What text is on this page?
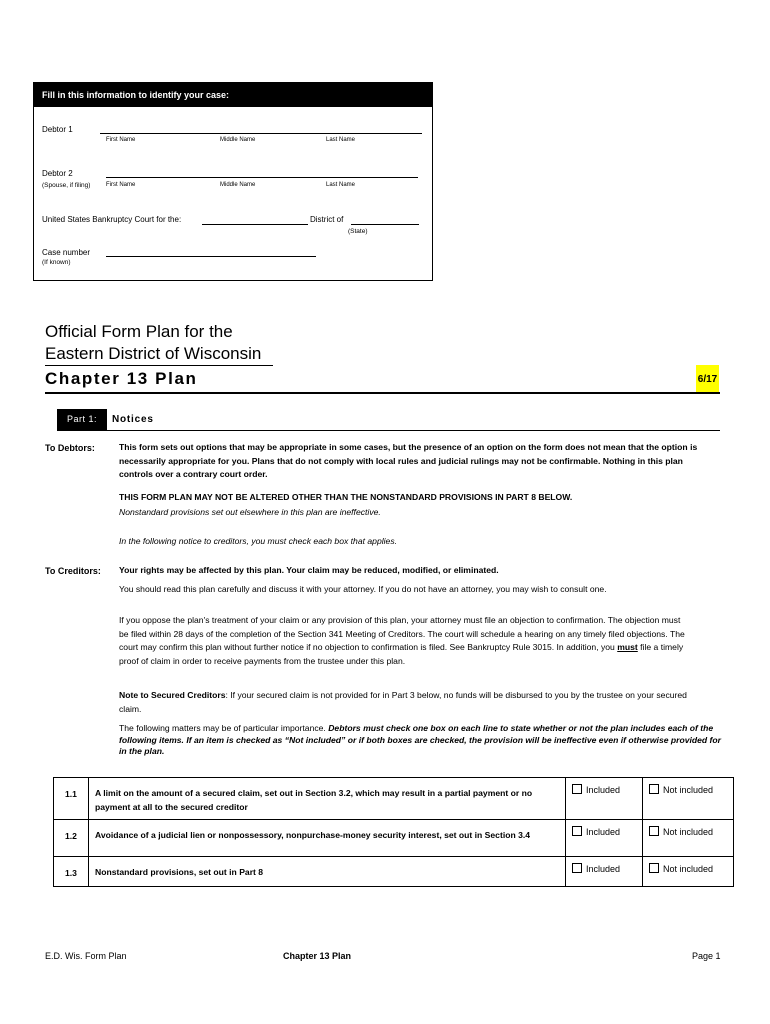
Fill in this information to identify your case:
Debtor 1
First Name	Middle Name	Last Name
Debtor 2
(Spouse, if filing)	First Name	Middle Name	Last Name
United States Bankruptcy Court for the:	District of
(State)
Case number
(If known)
Official Form Plan for the
Eastern District of Wisconsin
Chapter 13 Plan	6/17
Part 1:	Notices
To Debtors:	This form sets out options that may be appropriate in some cases, but the presence of an option on the form does not mean that the option is necessarily appropriate for you. Plans that do not comply with local rules and judicial rulings may not be confirmable. Nothing in this plan controls over a contrary court order.
THIS FORM PLAN MAY NOT BE ALTERED OTHER THAN THE NONSTANDARD PROVISIONS IN PART 8 BELOW.
Nonstandard provisions set out elsewhere in this plan are ineffective.
In the following notice to creditors, you must check each box that applies.
To Creditors: Your rights may be affected by this plan. Your claim may be reduced, modified, or eliminated.
You should read this plan carefully and discuss it with your attorney. If you do not have an attorney, you may wish to consult one.
If you oppose the plan's treatment of your claim or any provision of this plan, your attorney must file an objection to confirmation. The objection must be filed within 28 days of the completion of the Section 341 Meeting of Creditors. The court will schedule a hearing on any timely filed objections. The court may confirm this plan without further notice if no objection to confirmation is filed. See Bankruptcy Rule 3015. In addition, you must file a timely proof of claim in order to receive payments from the trustee under this plan.
Note to Secured Creditors: If your secured claim is not provided for in Part 3 below, no funds will be disbursed to you by the trustee on your secured claim.
The following matters may be of particular importance. Debtors must check one box on each line to state whether or not the plan includes each of the following items. If an item is checked as “Not included” or if both boxes are checked, the provision will be ineffective even if otherwise provided for in the plan.
1.1	A limit on the amount of a secured claim, set out in Section 3.2, which may result in a partial payment or no payment at all to the secured creditor	Included	Not included
1.2	Avoidance of a judicial lien or nonpossessory, nonpurchase-money security interest, set out in Section 3.4	Included	Not included
1.3	Nonstandard provisions, set out in Part 8	Included	Not included
E.D. Wis. Form Plan	Chapter 13 Plan	Page 1
